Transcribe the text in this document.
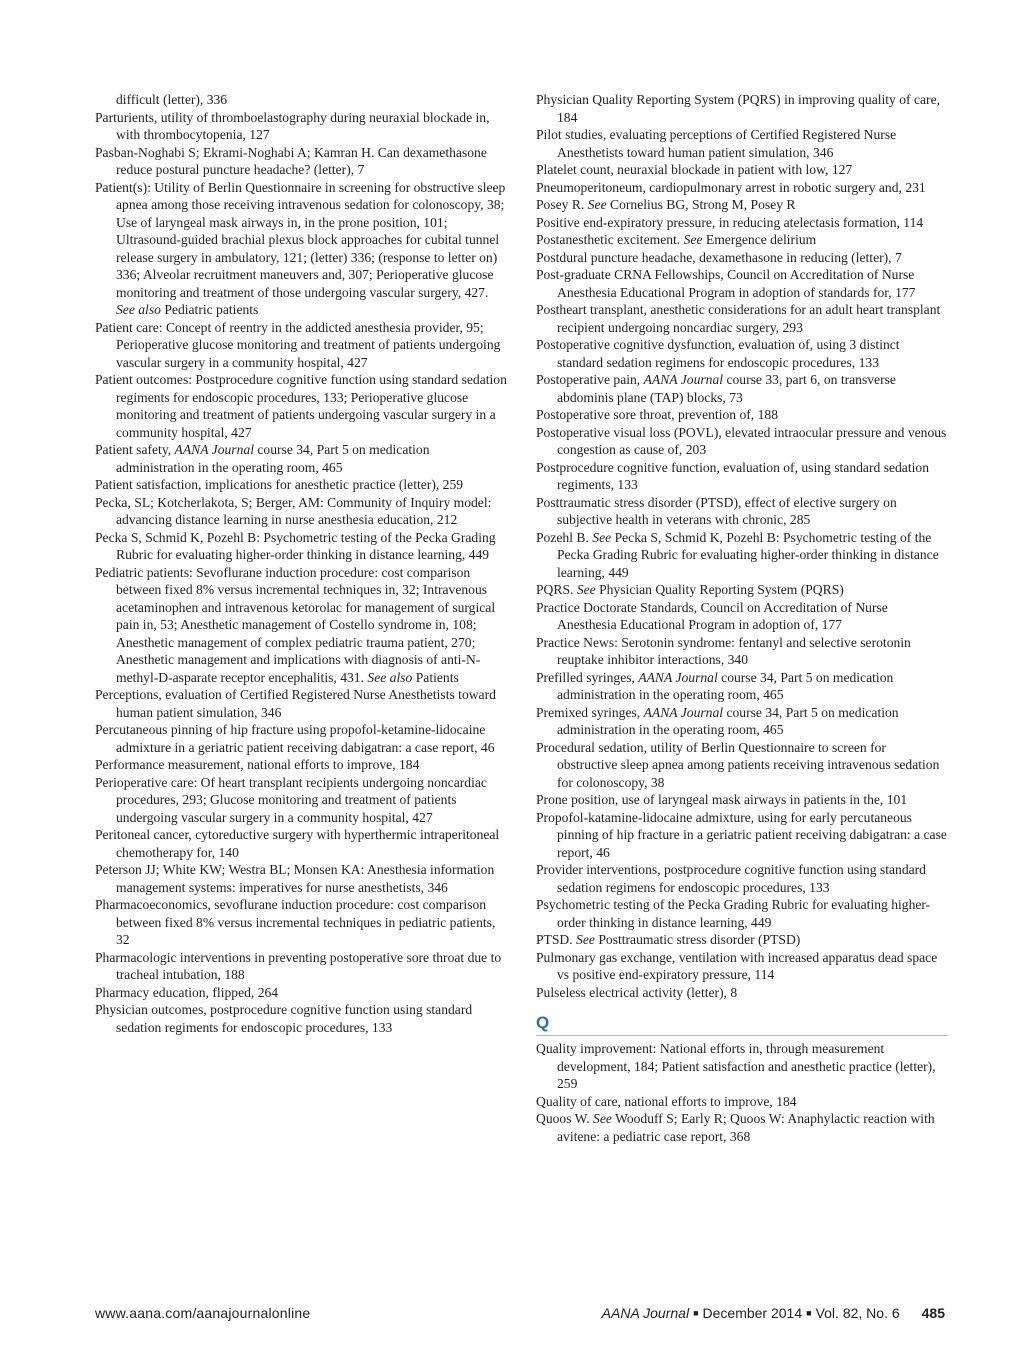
difficult (letter), 336

Parturients, utility of thromboelastography during neuraxial blockade in, with thrombocytopenia, 127

Pasban-Noghabi S; Ekrami-Noghabi A; Kamran H. Can dexamethasone reduce postural puncture headache? (letter), 7

Patient(s): Utility of Berlin Questionnaire in screening for obstructive sleep apnea among those receiving intravenous sedation for colonoscopy, 38; Use of laryngeal mask airways in, in the prone position, 101; Ultrasound-guided brachial plexus block approaches for cubital tunnel release surgery in ambulatory, 121; (letter) 336; (response to letter on) 336; Alveolar recruitment maneuvers and, 307; Perioperative glucose monitoring and treatment of those undergoing vascular surgery, 427. See also Pediatric patients

Patient care: Concept of reentry in the addicted anesthesia provider, 95; Perioperative glucose monitoring and treatment of patients undergoing vascular surgery in a community hospital, 427

Patient outcomes: Postprocedure cognitive function using standard sedation regiments for endoscopic procedures, 133; Perioperative glucose monitoring and treatment of patients undergoing vascular surgery in a community hospital, 427

Patient safety, AANA Journal course 34, Part 5 on medication administration in the operating room, 465

Patient satisfaction, implications for anesthetic practice (letter), 259

Pecka, SL; Kotcherlakota, S; Berger, AM: Community of Inquiry model: advancing distance learning in nurse anesthesia education, 212

Pecka S, Schmid K, Pozehl B: Psychometric testing of the Pecka Grading Rubric for evaluating higher-order thinking in distance learning, 449

Pediatric patients: Sevoflurane induction procedure: cost comparison between fixed 8% versus incremental techniques in, 32; Intravenous acetaminophen and intravenous ketorolac for management of surgical pain in, 53; Anesthetic management of Costello syndrome in, 108; Anesthetic management of complex pediatric trauma patient, 270; Anesthetic management and implications with diagnosis of anti-N-methyl-D-asparate receptor encephalitis, 431. See also Patients

Perceptions, evaluation of Certified Registered Nurse Anesthetists toward human patient simulation, 346

Percutaneous pinning of hip fracture using propofol-ketamine-lidocaine admixture in a geriatric patient receiving dabigatran: a case report, 46

Performance measurement, national efforts to improve, 184

Perioperative care: Of heart transplant recipients undergoing noncardiac procedures, 293; Glucose monitoring and treatment of patients undergoing vascular surgery in a community hospital, 427

Peritoneal cancer, cytoreductive surgery with hyperthermic intraperitoneal chemotherapy for, 140

Peterson JJ; White KW; Westra BL; Monsen KA: Anesthesia information management systems: imperatives for nurse anesthetists, 346

Pharmacoeconomics, sevoflurane induction procedure: cost comparison between fixed 8% versus incremental techniques in pediatric patients, 32

Pharmacologic interventions in preventing postoperative sore throat due to tracheal intubation, 188

Pharmacy education, flipped, 264

Physician outcomes, postprocedure cognitive function using standard sedation regiments for endoscopic procedures, 133

Physician Quality Reporting System (PQRS) in improving quality of care, 184

Pilot studies, evaluating perceptions of Certified Registered Nurse Anesthetists toward human patient simulation, 346

Platelet count, neuraxial blockade in patient with low, 127

Pneumoperitoneum, cardiopulmonary arrest in robotic surgery and, 231

Posey R. See Cornelius BG, Strong M, Posey R

Positive end-expiratory pressure, in reducing atelectasis formation, 114

Postanesthetic excitement. See Emergence delirium

Postdural puncture headache, dexamethasone in reducing (letter), 7

Post-graduate CRNA Fellowships, Council on Accreditation of Nurse Anesthesia Educational Program in adoption of standards for, 177

Postheart transplant, anesthetic considerations for an adult heart transplant recipient undergoing noncardiac surgery, 293

Postoperative cognitive dysfunction, evaluation of, using 3 distinct standard sedation regimens for endoscopic procedures, 133

Postoperative pain, AANA Journal course 33, part 6, on transverse abdominis plane (TAP) blocks, 73

Postoperative sore throat, prevention of, 188

Postoperative visual loss (POVL), elevated intraocular pressure and venous congestion as cause of, 203

Postprocedure cognitive function, evaluation of, using standard sedation regiments, 133

Posttraumatic stress disorder (PTSD), effect of elective surgery on subjective health in veterans with chronic, 285

Pozehl B. See Pecka S, Schmid K, Pozehl B: Psychometric testing of the Pecka Grading Rubric for evaluating higher-order thinking in distance learning, 449

PQRS. See Physician Quality Reporting System (PQRS)

Practice Doctorate Standards, Council on Accreditation of Nurse Anesthesia Educational Program in adoption of, 177

Practice News: Serotonin syndrome: fentanyl and selective serotonin reuptake inhibitor interactions, 340

Prefilled syringes, AANA Journal course 34, Part 5 on medication administration in the operating room, 465

Premixed syringes, AANA Journal course 34, Part 5 on medication administration in the operating room, 465

Procedural sedation, utility of Berlin Questionnaire to screen for obstructive sleep apnea among patients receiving intravenous sedation for colonoscopy, 38

Prone position, use of laryngeal mask airways in patients in the, 101

Propofol-katamine-lidocaine admixture, using for early percutaneous pinning of hip fracture in a geriatric patient receiving dabigatran: a case report, 46

Provider interventions, postprocedure cognitive function using standard sedation regimens for endoscopic procedures, 133

Psychometric testing of the Pecka Grading Rubric for evaluating higher-order thinking in distance learning, 449

PTSD. See Posttraumatic stress disorder (PTSD)

Pulmonary gas exchange, ventilation with increased apparatus dead space vs positive end-expiratory pressure, 114

Pulseless electrical activity (letter), 8

Q

Quality improvement: National efforts in, through measurement development, 184; Patient satisfaction and anesthetic practice (letter), 259

Quality of care, national efforts to improve, 184

Quoos W. See Wooduff S; Early R; Quoos W: Anaphylactic reaction with avitene: a pediatric case report, 368

www.aana.com/aanajournalonline	AANA Journal ■ December 2014 ■ Vol. 82, No. 6 485
